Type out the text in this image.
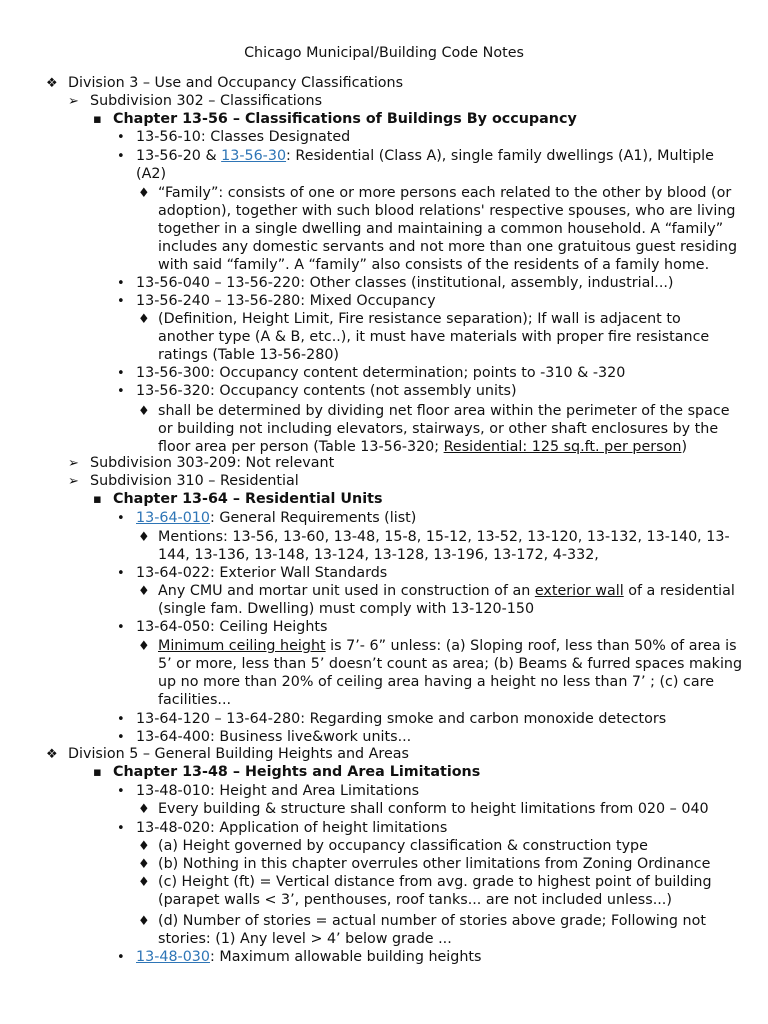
Chicago Municipal/Building Code Notes
❖ Division 3 – Use and Occupancy Classifications
➢ Subdivision 302 – Classifications
▪ Chapter 13-56 – Classifications of Buildings By occupancy
• 13-56-10: Classes Designated
• 13-56-20 & 13-56-30: Residential (Class A), single family dwellings (A1), Multiple
(A2)
♦ “Family”: consists of one or more persons each related to the other by blood (or
adoption), together with such blood relations' respective spouses, who are living
together in a single dwelling and maintaining a common household. A “family”
includes any domestic servants and not more than one gratuitous guest residing
with said “family”. A “family” also consists of the residents of a family home.
• 13-56-040 – 13-56-220: Other classes (institutional, assembly, industrial...)
• 13-56-240 – 13-56-280: Mixed Occupancy
♦ (Definition, Height Limit, Fire resistance separation); If wall is adjacent to
another type (A & B, etc..), it must have materials with proper fire resistance
ratings (Table 13-56-280)
• 13-56-300: Occupancy content determination; points to -310 & -320
• 13-56-320: Occupancy contents (not assembly units)
♦ shall be determined by dividing net floor area within the perimeter of the space
or building not including elevators, stairways, or other shaft enclosures by the
floor area per person (Table 13-56-320; Residential: 125 sq.ft. per person)
➢ Subdivision 303-209: Not relevant
➢ Subdivision 310 – Residential
▪ Chapter 13-64 – Residential Units
• 13-64-010: General Requirements (list)
♦ Mentions: 13-56, 13-60, 13-48, 15-8, 15-12, 13-52, 13-120, 13-132, 13-140, 13-
144, 13-136, 13-148, 13-124, 13-128, 13-196, 13-172, 4-332,
• 13-64-022: Exterior Wall Standards
♦ Any CMU and mortar unit used in construction of an exterior wall of a residential
(single fam. Dwelling) must comply with 13-120-150
• 13-64-050: Ceiling Heights
♦ Minimum ceiling height is 7’- 6” unless: (a) Sloping roof, less than 50% of area is
5’ or more, less than 5’ doesn’t count as area; (b) Beams & furred spaces making
up no more than 20% of ceiling area having a height no less than 7’ ; (c) care
facilities...
• 13-64-120 – 13-64-280: Regarding smoke and carbon monoxide detectors
• 13-64-400: Business live&work units...
❖ Division 5 – General Building Heights and Areas
▪ Chapter 13-48 – Heights and Area Limitations
• 13-48-010: Height and Area Limitations
♦ Every building & structure shall conform to height limitations from 020 – 040
• 13-48-020: Application of height limitations
♦ (a) Height governed by occupancy classification & construction type
♦ (b) Nothing in this chapter overrules other limitations from Zoning Ordinance
♦ (c) Height (ft) = Vertical distance from avg. grade to highest point of building
(parapet walls < 3’, penthouses, roof tanks... are not included unless...)
♦ (d) Number of stories = actual number of stories above grade; Following not
stories: (1) Any level > 4’ below grade ...
• 13-48-030: Maximum allowable building heights
